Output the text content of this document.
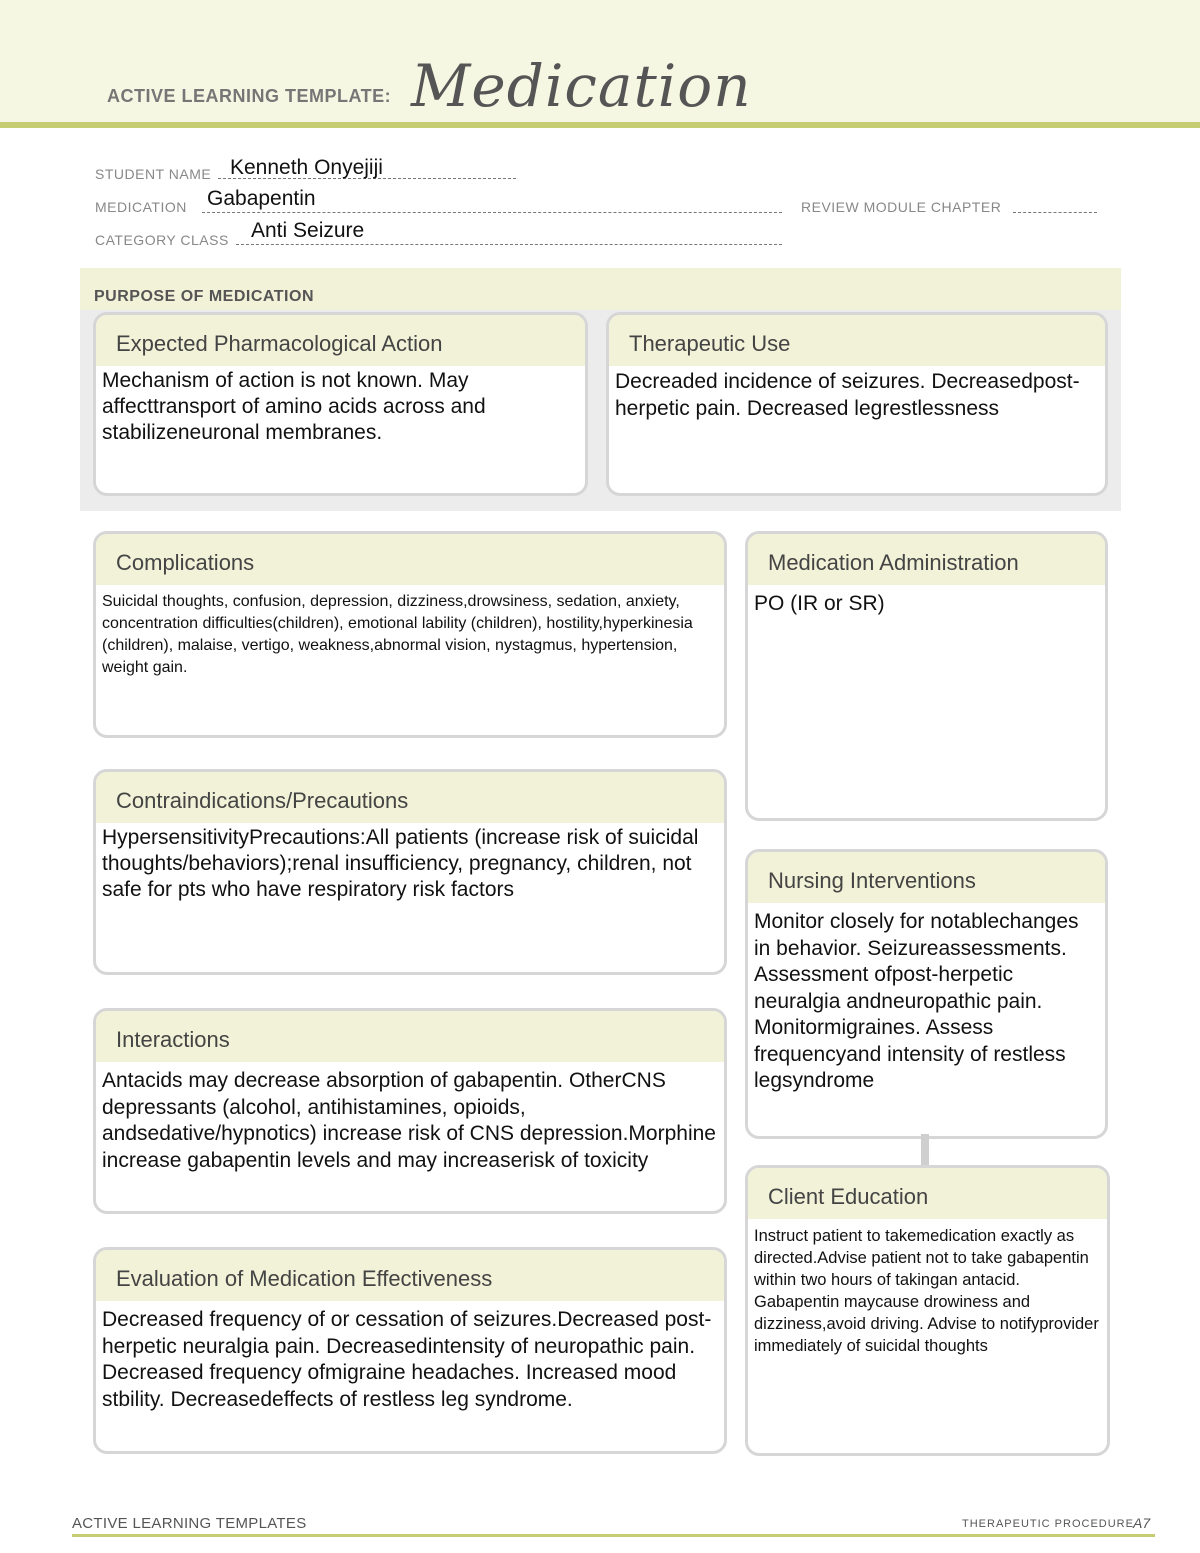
ACTIVE LEARNING TEMPLATE: Medication
STUDENT NAME Kenneth Onyejiji
MEDICATION Gabapentin	REVIEW MODULE CHAPTER
CATEGORY CLASS Anti Seizure
PURPOSE OF MEDICATION
Expected Pharmacological Action
Mechanism of action is not known. May affecttransport of amino acids across and stabilizeneuronal membranes.
Therapeutic Use
Decreaded incidence of seizures. Decreasedpost-herpetic pain. Decreased legrestlessness
Complications
Suicidal thoughts, confusion, depression, dizziness,drowsiness, sedation, anxiety, concentration difficulties(children), emotional lability (children), hostility,hyperkinesia (children), malaise, vertigo, weakness,abnormal vision, nystagmus, hypertension, weight gain.
Contraindications/Precautions
HypersensitivityPrecautions:All patients (increase risk of suicidal thoughts/behaviors);renal insufficiency, pregnancy, children, not safe for pts who have respiratory risk factors
Interactions
Antacids may decrease absorption of gabapentin. OtherCNS depressants (alcohol, antihistamines, opioids, andsedative/hypnotics) increase risk of CNS depression.Morphine increase gabapentin levels and may increaserisk of toxicity
Evaluation of Medication Effectiveness
Decreased frequency of or cessation of seizures.Decreased post-herpetic neuralgia pain. Decreasedintensity of neuropathic pain. Decreased frequency ofmigraine headaches. Increased mood stbility. Decreasedeffects of restless leg syndrome.
Medication Administration
PO (IR or SR)
Nursing Interventions
Monitor closely for notablechanges in behavior. Seizureassessments. Assessment ofpost-herpetic neuralgia andneuropathic pain. Monitormigraines. Assess frequencyand intensity of restless legsyndrome
Client Education
Instruct patient to takemedication exactly as directed.Advise patient not to take gabapentin within two hours of takingan antacid. Gabapentin maycause drowiness and dizziness,avoid driving. Advise to notifyprovider immediately of suicidal thoughts
ACTIVE LEARNING TEMPLATES	THERAPEUTIC PROCEDURE A7
